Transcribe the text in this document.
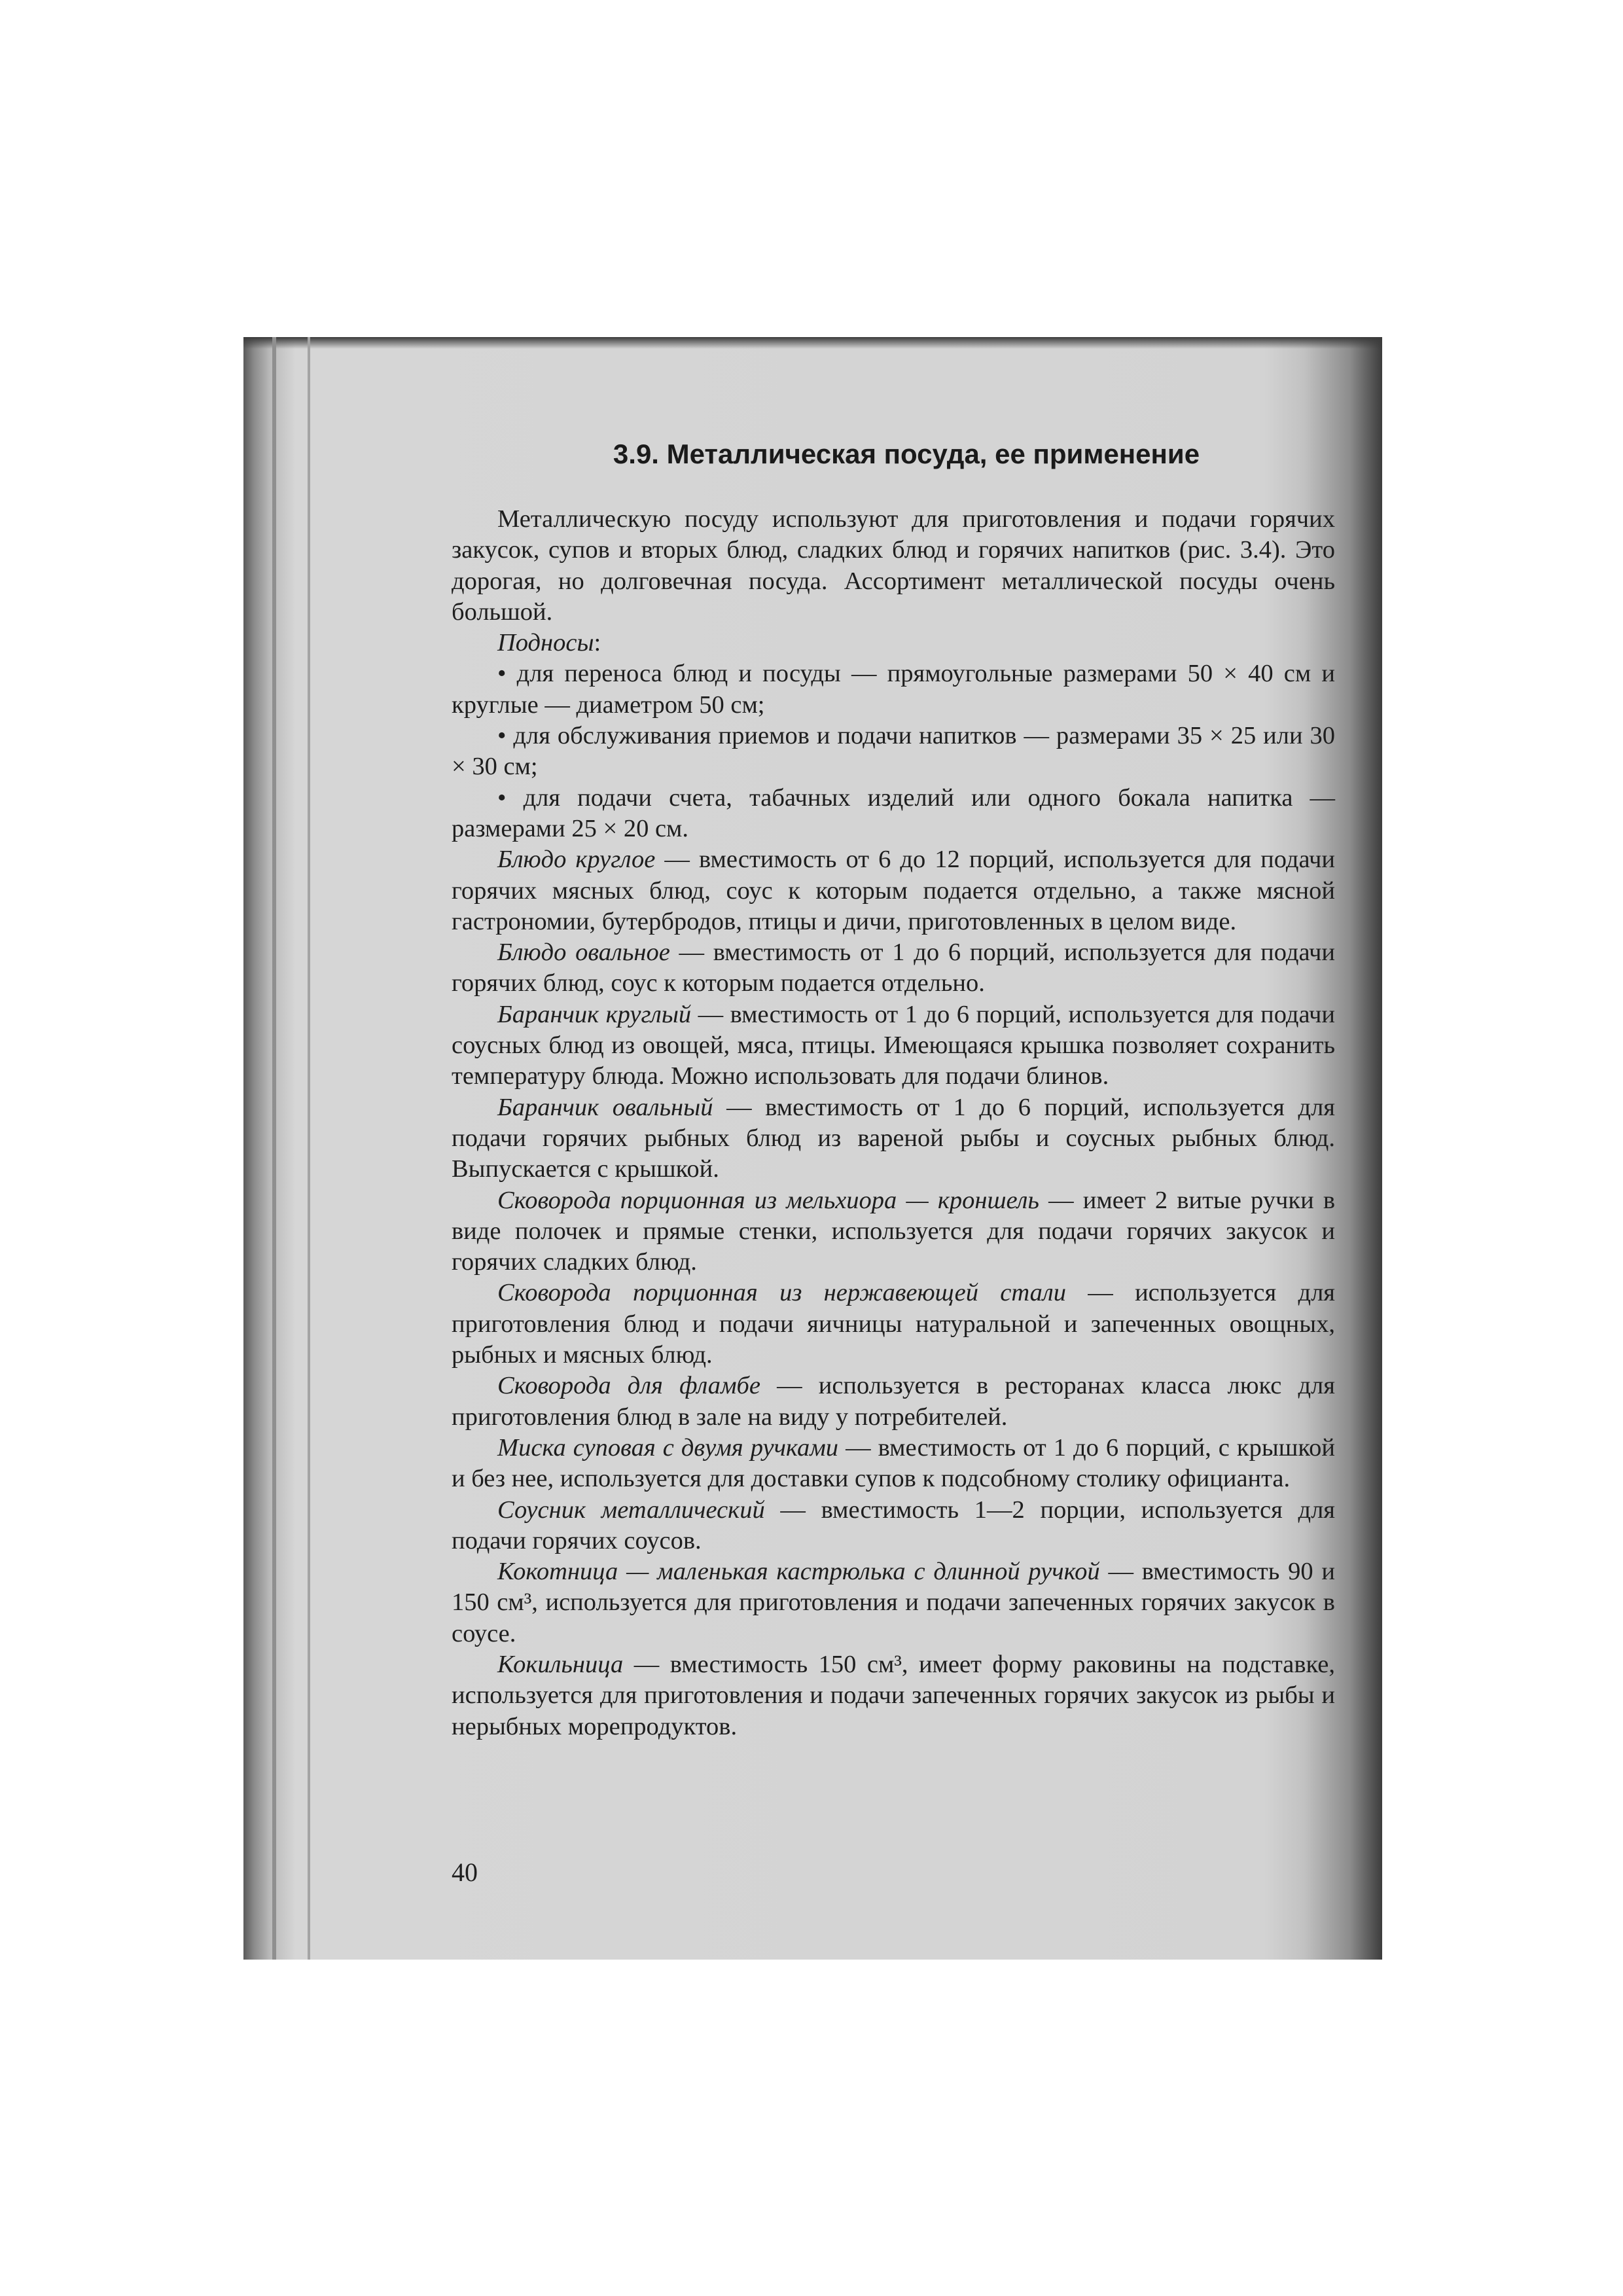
3.9. Металлическая посуда, ее применение

Металлическую посуду используют для приготовления и подачи горячих закусок, супов и вторых блюд, сладких блюд и горячих напитков (рис. 3.4). Это дорогая, но долговечная посуда. Ассортимент металлической посуды очень большой.

Подносы:

• для переноса блюд и посуды — прямоугольные размерами 50 × 40 см и круглые — диаметром 50 см;

• для обслуживания приемов и подачи напитков — размерами 35 × 25 или 30 × 30 см;

• для подачи счета, табачных изделий или одного бокала напитка — размерами 25 × 20 см.

Блюдо круглое — вместимость от 6 до 12 порций, используется для подачи горячих мясных блюд, соус к которым подается отдельно, а также мясной гастрономии, бутербродов, птицы и дичи, приготовленных в целом виде.

Блюдо овальное — вместимость от 1 до 6 порций, используется для подачи горячих блюд, соус к которым подается отдельно.

Баранчик круглый — вместимость от 1 до 6 порций, используется для подачи соусных блюд из овощей, мяса, птицы. Имеющаяся крышка позволяет сохранить температуру блюда. Можно использовать для подачи блинов.

Баранчик овальный — вместимость от 1 до 6 порций, используется для подачи горячих рыбных блюд из вареной рыбы и соусных рыбных блюд. Выпускается с крышкой.

Сковорода порционная из мельхиора — кроншель — имеет 2 витые ручки в виде полочек и прямые стенки, используется для подачи горячих закусок и горячих сладких блюд.

Сковорода порционная из нержавеющей стали — используется для приготовления блюд и подачи яичницы натуральной и запеченных овощных, рыбных и мясных блюд.

Сковорода для фламбе — используется в ресторанах класса люкс для приготовления блюд в зале на виду у потребителей.

Миска суповая с двумя ручками — вместимость от 1 до 6 порций, с крышкой и без нее, используется для доставки супов к подсобному столику официанта.

Соусник металлический — вместимость 1—2 порции, используется для подачи горячих соусов.

Кокотница — маленькая кастрюлька с длинной ручкой — вместимость 90 и 150 см³, используется для приготовления и подачи запеченных горячих закусок в соусе.

Кокильница — вместимость 150 см³, имеет форму раковины на подставке, используется для приготовления и подачи запеченных горячих закусок из рыбы и нерыбных морепродуктов.

40
